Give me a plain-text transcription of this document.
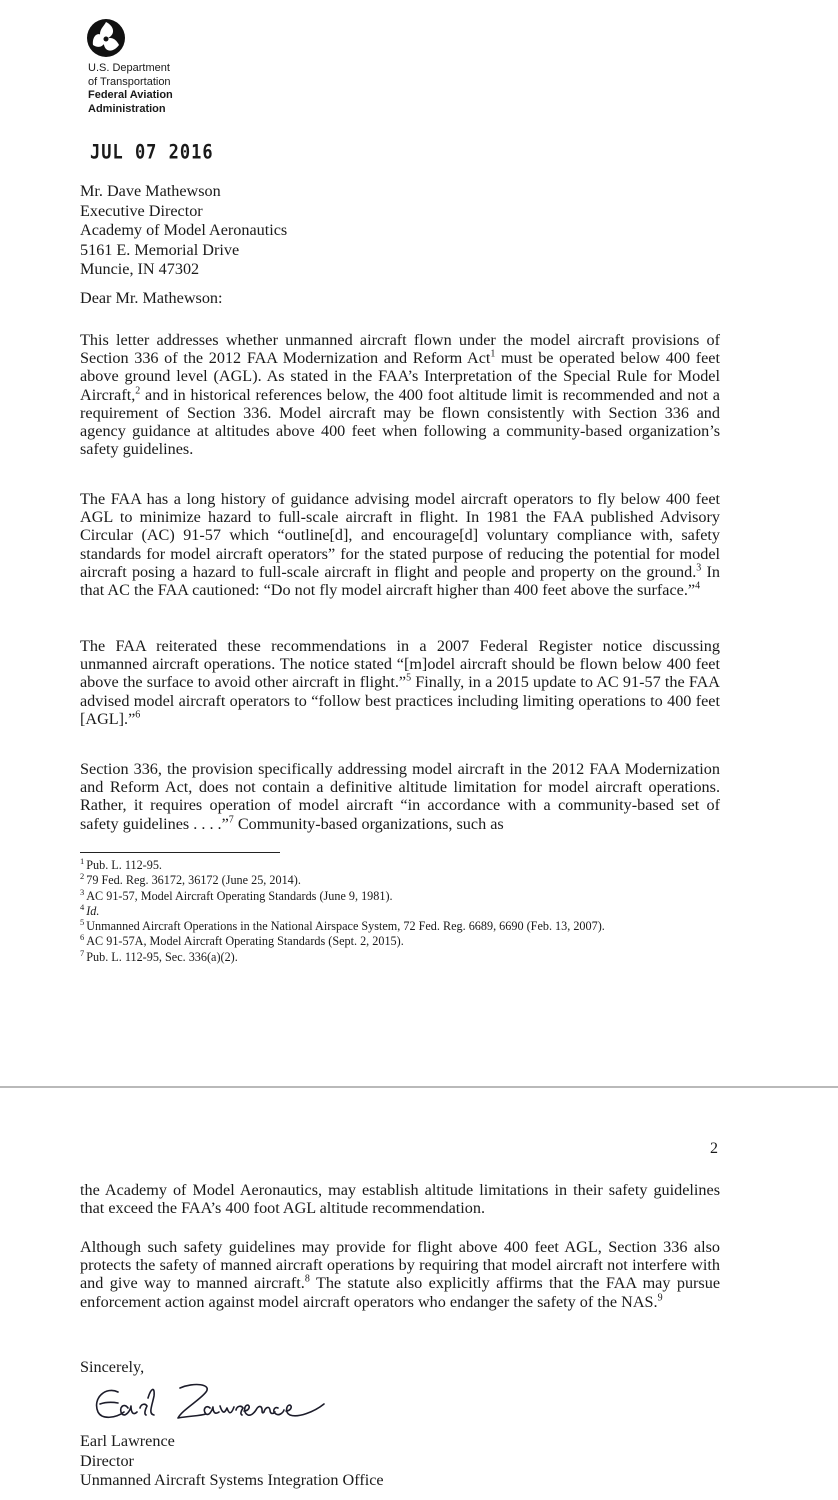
U.S. Department
of Transportation
Federal Aviation
Administration
JUL 07 2016
Mr. Dave Mathewson
Executive Director
Academy of Model Aeronautics
5161 E. Memorial Drive
Muncie, IN 47302
Dear Mr. Mathewson:
This letter addresses whether unmanned aircraft flown under the model aircraft provisions of Section 336 of the 2012 FAA Modernization and Reform Act$^1$ must be operated below 400 feet above ground level (AGL). As stated in the FAA’s Interpretation of the Special Rule for Model Aircraft,$^2$ and in historical references below, the 400 foot altitude limit is recommended and not a requirement of Section 336. Model aircraft may be flown consistently with Section 336 and agency guidance at altitudes above 400 feet when following a community-based organization’s safety guidelines.
The FAA has a long history of guidance advising model aircraft operators to fly below 400 feet AGL to minimize hazard to full-scale aircraft in flight. In 1981 the FAA published Advisory Circular (AC) 91-57 which “outline[d], and encourage[d] voluntary compliance with, safety standards for model aircraft operators” for the stated purpose of reducing the potential for model aircraft posing a hazard to full-scale aircraft in flight and people and property on the ground.$^3$ In that AC the FAA cautioned: “Do not fly model aircraft higher than 400 feet above the surface.”$^4$
The FAA reiterated these recommendations in a 2007 Federal Register notice discussing unmanned aircraft operations. The notice stated “[m]odel aircraft should be flown below 400 feet above the surface to avoid other aircraft in flight.”$^5$ Finally, in a 2015 update to AC 91-57 the FAA advised model aircraft operators to “follow best practices including limiting operations to 400 feet [AGL].”$^6$
Section 336, the provision specifically addressing model aircraft in the 2012 FAA Modernization and Reform Act, does not contain a definitive altitude limitation for model aircraft operations. Rather, it requires operation of model aircraft “in accordance with a community-based set of safety guidelines . . . .”$^7$ Community-based organizations, such as
$^1$ Pub. L. 112-95.
$^2$ 79 Fed. Reg. 36172, 36172 (June 25, 2014).
$^3$ AC 91-57, Model Aircraft Operating Standards (June 9, 1981).
$^4$ Id.
$^5$ Unmanned Aircraft Operations in the National Airspace System, 72 Fed. Reg. 6689, 6690 (Feb. 13, 2007).
$^6$ AC 91-57A, Model Aircraft Operating Standards (Sept. 2, 2015).
$^7$ Pub. L. 112-95, Sec. 336(a)(2).
2
the Academy of Model Aeronautics, may establish altitude limitations in their safety guidelines that exceed the FAA’s 400 foot AGL altitude recommendation.
Although such safety guidelines may provide for flight above 400 feet AGL, Section 336 also protects the safety of manned aircraft operations by requiring that model aircraft not interfere with and give way to manned aircraft.$^8$ The statute also explicitly affirms that the FAA may pursue enforcement action against model aircraft operators who endanger the safety of the NAS.$^9$
Sincerely,
Earl Lawrence
Director
Unmanned Aircraft Systems Integration Office
